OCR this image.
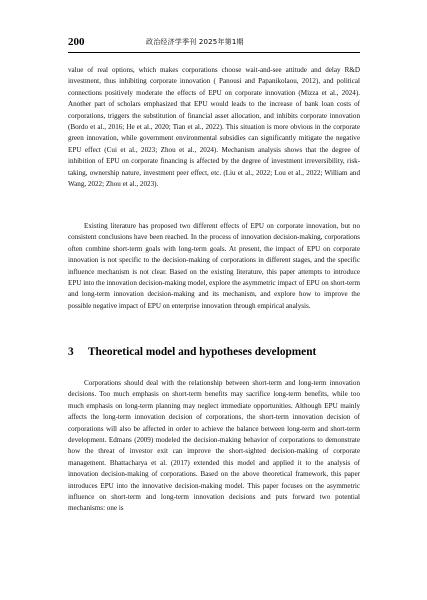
200	政治经济学季刊 2025年第1期

value of real options, which makes corporations choose wait-and-see attitude and delay R&D investment, thus inhibiting corporate innovation ( Panousi and Papanikolaou, 2012), and political connections positively moderate the effects of EPU on corporate innovation (Mizza et al., 2024). Another part of scholars emphasized that EPU would leads to the increase of bank loan costs of corporations, triggers the substitution of financial asset allocation, and inhibits corporate innovation (Bordo et al., 2016; He et al., 2020; Tian et al., 2022). This situation is more obvious in the corporate green innovation, while government environmental subsidies can significantly mitigate the negative EPU effect (Cui et al., 2023; Zhou et al., 2024). Mechanism analysis shows that the degree of inhibition of EPU on corporate financing is affected by the degree of investment irreversibility, risk-taking, ownership nature, investment peer effect, etc. (Liu et al., 2022; Lou et al., 2022; William and Wang, 2022; Zhou et al., 2023).

Existing literature has proposed two different effects of EPU on corporate innovation, but no consistent conclusions have been reached. In the process of innovation decision-making, corporations often combine short-term goals with long-term goals. At present, the impact of EPU on corporate innovation is not specific to the decision-making of corporations in different stages, and the specific influence mechanism is not clear. Based on the existing literature, this paper attempts to introduce EPU into the innovation decision-making model, explore the asymmetric impact of EPU on short-term and long-term innovation decision-making and its mechanism, and explore how to improve the possible negative impact of EPU on enterprise innovation through empirical analysis.

3 Theoretical model and hypotheses development

Corporations should deal with the relationship between short-term and long-term innovation decisions. Too much emphasis on short-term benefits may sacrifice long-term benefits, while too much emphasis on long-term planning may neglect immediate opportunities. Although EPU mainly affects the long-term innovation decision of corporations, the short-term innovation decision of corporations will also be affected in order to achieve the balance between long-term and short-term development. Edmans (2009) modeled the decision-making behavior of corporations to demonstrate how the threat of investor exit can improve the short-sighted decision-making of corporate management. Bhattacharya et al. (2017) extended this model and applied it to the analysis of innovation decision-making of corporations. Based on the above theoretical framework, this paper introduces EPU into the innovative decision-making model. This paper focuses on the asymmetric influence on short-term and long-term innovation decisions and puts forward two potential mechanisms: one is
